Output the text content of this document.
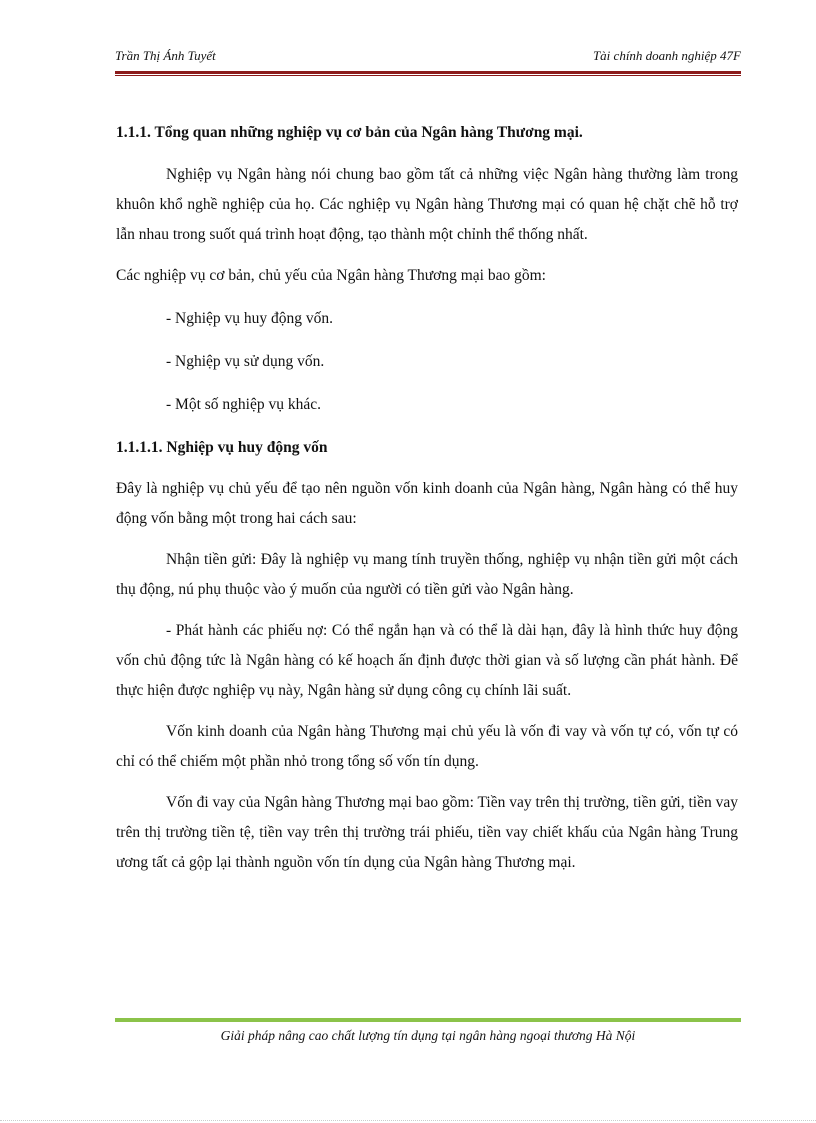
Trần Thị Ánh Tuyết	Tài chính doanh nghiệp 47F

1.1.1. Tổng quan những nghiệp vụ cơ bản của Ngân hàng Thương mại.

Nghiệp vụ Ngân hàng nói chung bao gồm tất cả những việc Ngân hàng thường làm trong khuôn khổ nghề nghiệp của họ. Các nghiệp vụ Ngân hàng Thương mại có quan hệ chặt chẽ hỗ trợ lẫn nhau trong suốt quá trình hoạt động, tạo thành một chỉnh thể thống nhất.

Các nghiệp vụ cơ bản, chủ yếu của Ngân hàng Thương mại bao gồm:

- Nghiệp vụ huy động vốn.

- Nghiệp vụ sử dụng vốn.

- Một số nghiệp vụ khác.

1.1.1.1. Nghiệp vụ huy động vốn

Đây là nghiệp vụ chủ yếu để tạo nên nguồn vốn kinh doanh của Ngân hàng, Ngân hàng có thể huy động vốn bằng một trong hai cách sau:

Nhận tiền gửi: Đây là nghiệp vụ mang tính truyền thống, nghiệp vụ nhận tiền gửi một cách thụ động, nú phụ thuộc vào ý muốn của người có tiền gửi vào Ngân hàng.

- Phát hành các phiếu nợ: Có thể ngắn hạn và có thể là dài hạn, đây là hình thức huy động vốn chủ động tức là Ngân hàng có kế hoạch ấn định được thời gian và số lượng cần phát hành. Để thực hiện được nghiệp vụ này, Ngân hàng sử dụng công cụ chính lãi suất.

Vốn kinh doanh của Ngân hàng Thương mại chủ yếu là vốn đi vay và vốn tự có, vốn tự có chỉ có thể chiếm một phần nhỏ trong tổng số vốn tín dụng.

Vốn đi vay của Ngân hàng Thương mại bao gồm: Tiền vay trên thị trường, tiền gửi, tiền vay trên thị trường tiền tệ, tiền vay trên thị trường trái phiếu, tiền vay chiết khấu của Ngân hàng Trung ương tất cả gộp lại thành nguồn vốn tín dụng của Ngân hàng Thương mại.

Giải pháp nâng cao chất lượng tín dụng tại ngân hàng ngoại thương Hà Nội
